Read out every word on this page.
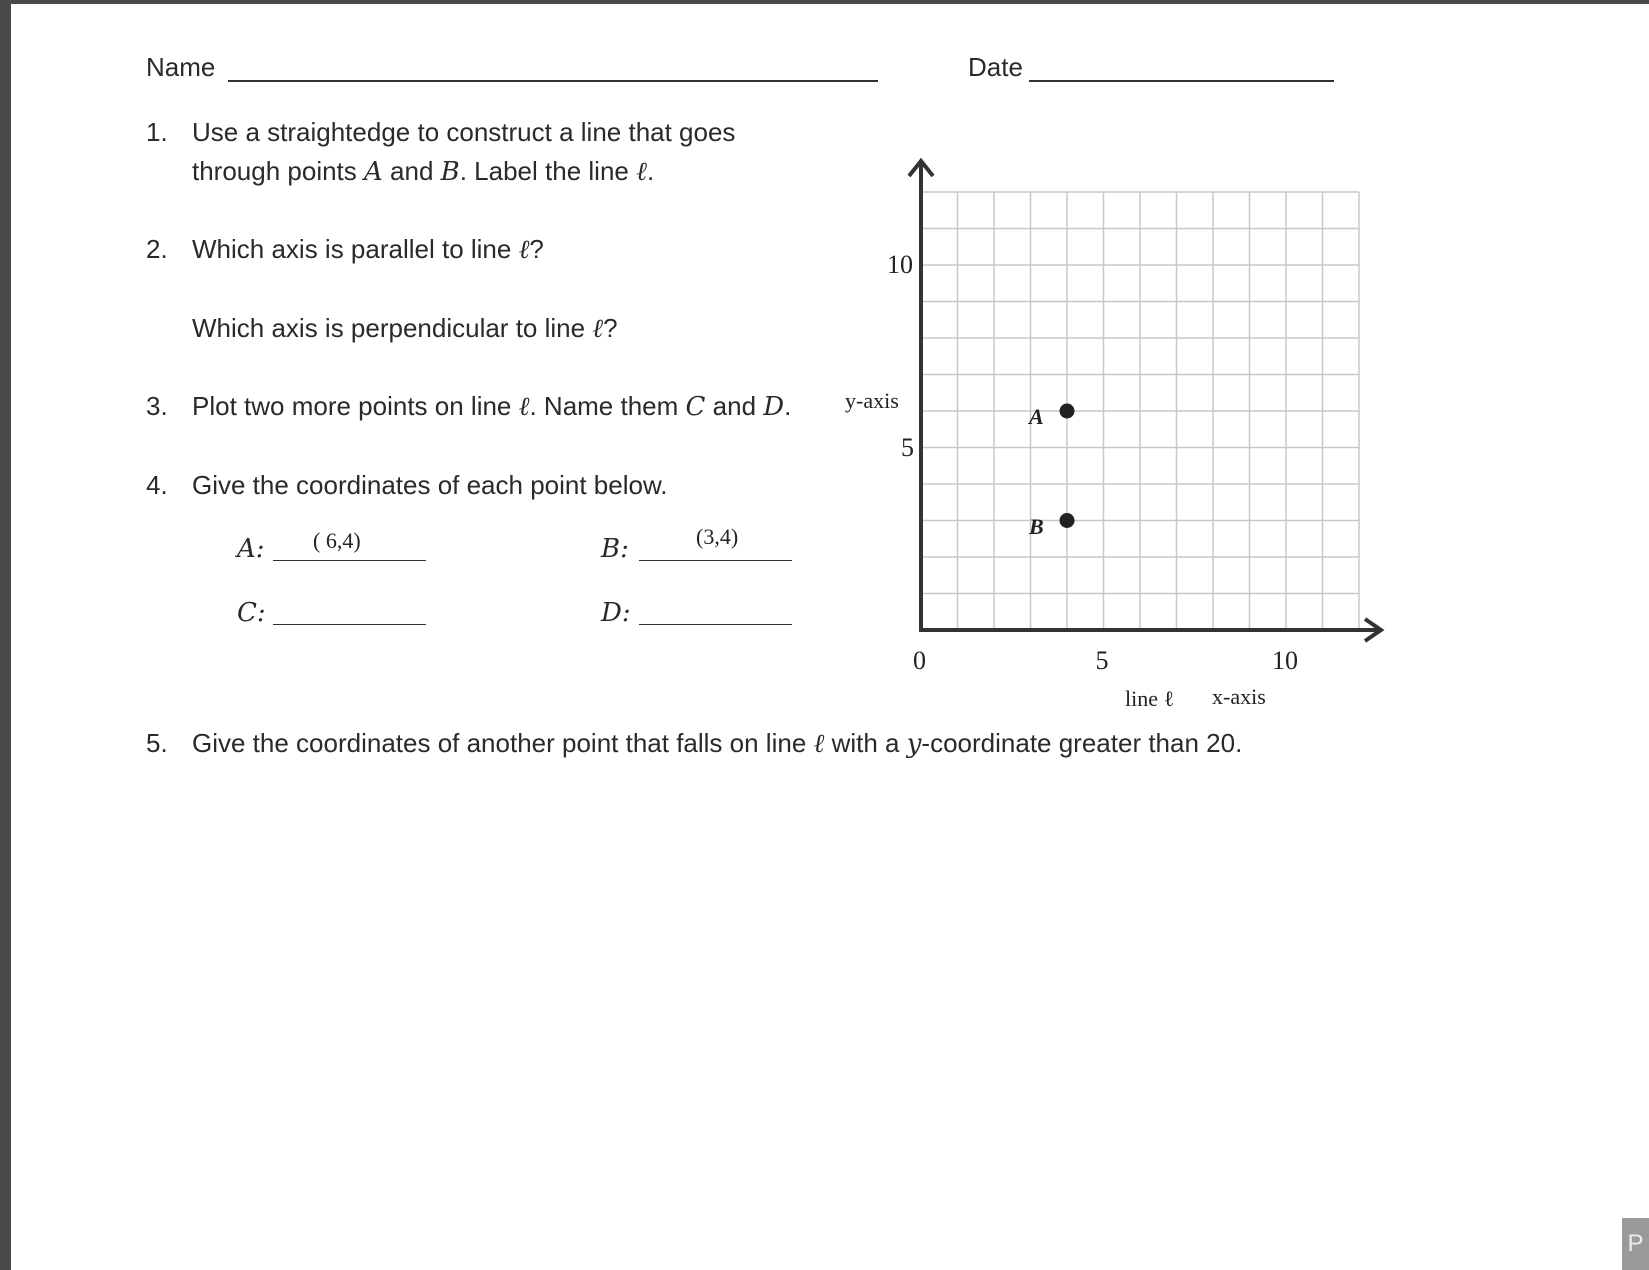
Name	Date
1. Use a straightedge to construct a line that goes
through points A and B. Label the line ℓ.
2. Which axis is parallel to line ℓ?
Which axis is perpendicular to line ℓ?
3. Plot two more points on line ℓ. Name them C and D.
4. Give the coordinates of each point below.
A: ( 6,4)	B:	(3,4)
C:	D:
5. Give the coordinates of another point that falls on line ℓ with a y-coordinate greater than 20.
0	5	10
5
10
y-axis
x-axis
line ℓ
A
B
P
